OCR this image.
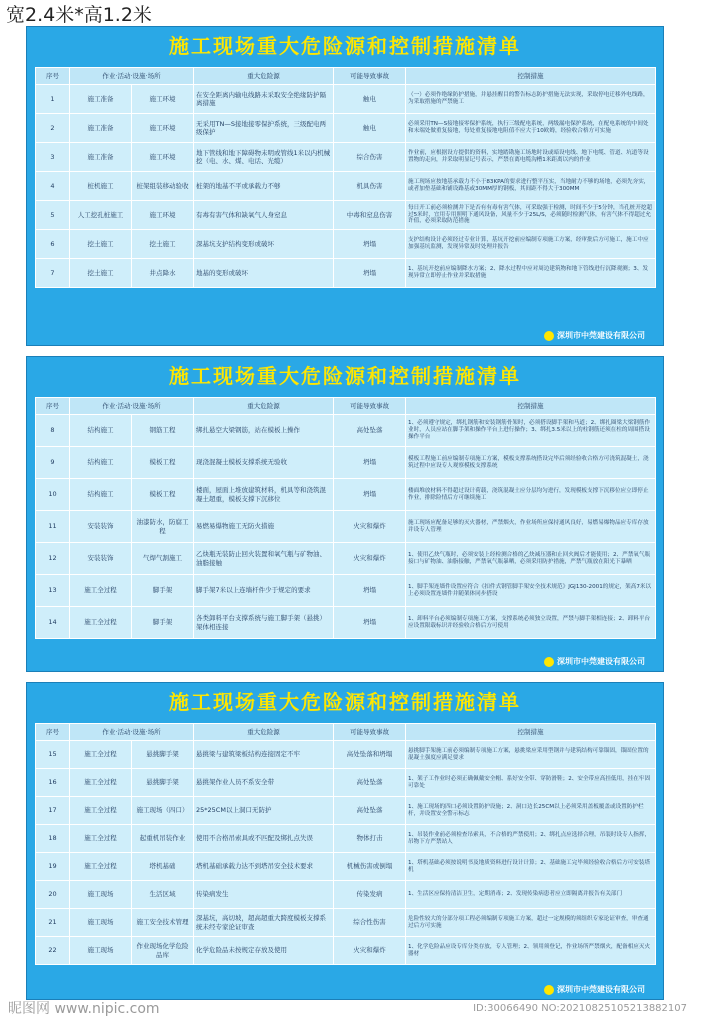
宽2.4米*高1.2米
施工现场重大危险源和控制措施清单
序号	作业·活动·设施·场所		重大危险源	可能导致事故	控制措施
1	施工准备	施工环境	在安全距离内输电线路未采取安全绝缘防护隔离措施	触电	（一）必须作绝缘防护措施，并悬挂醒目的警告标志防护措施无法实现，采取停电迁移外电线路，为采取措施的严禁施工
2	施工准备	施工环境	无采用TN—S接地接零保护系统，三级配电两级保护	触电	必须采用TN—S接地接零保护系统，执行三级配电系统，两级漏电保护系统，在配电系统的中间处和末端处做重复接地，每处重复接地电阻值不应大于10欧姆，经验收合格方可实施
3	施工准备	施工环境	地下管线和地下障碍物未明或管线1米以内机械挖（电、水、煤、电话、光缆）	综合伤害	作业前，应根据设方提供的资料，实地踏勘施工场地时设或暗设电线、地下电缆、管道、坑道等设置物的走向，并采取明显记号表示，严禁在离电缆沟槽1米距离以内的作业
4	桩机施工	桩架组装移动验收	桩架的地基不平或承载力不够	机具伤害	施工现场应按地基承载力不小于83KPA的要求进行整平压实，当地耐力不够的场地，必须先夯实，或者加垫基础和铺设路基或30MM厚的钢板，其间距不得大于300MM
5	人工挖孔桩施工	施工环境	有毒有害气体和缺氧气人身窒息	中毒和窒息伤害	每日开工前必须检测井下是否有有毒有害气体，可采取强于检测，时间不少于5分钟，当孔桩开挖超过5米时，宜用专用照明下通风设备，风量不少于25L/S，必须随时检测气体，有害气体不得超过允许值，必须采取防范措施
6	挖土施工	挖土施工	深基坑支护结构变形或破坏	坍塌	支护结构设计必须经过专业计算，基坑开挖前应编制专项施工方案，经审批后方可施工，施工中应加强基坑监测，发现异常及时处理并报告
7	挖土施工	井点降水	地基的变形或破坏	坍塌	1、基坑开挖前应编制降水方案；2、降水过程中应对周边建筑物和地下管线进行沉降观测；3、发现异常立即停止作业并采取措施
深圳市中莞建设有限公司
施工现场重大危险源和控制措施清单
序号	作业·活动·设施·场所		重大危险源	可能导致事故	控制措施
8	结构施工	钢筋工程	绑扎悬空大梁钢筋，站在模板上操作	高处坠落	1、必须遵守规定，绑扎钢筋和安装钢筋骨架时，必须搭设脚手架和马道；2、绑扎圈梁大梁钢筋作业时，人员应站在脚手架和操作平台上进行操作；3、绑扎3.5米以上的柱钢筋还须在柱的周围搭设操作平台
9	结构施工	模板工程	现浇混凝土模板支撑系统无验收	坍塌	模板工程施工前应编制专项施工方案，模板支撑系统搭设完毕后须经验收合格方可浇筑混凝土，浇筑过程中应设专人观察模板支撑系统
10	结构施工	模板工程	楼面，屋面上堆放建筑材料，机具等和浇筑混凝土超重，模板支撑下沉移位	坍塌	楼面堆放材料不得超过设计荷载，浇筑混凝土应分层均匀进行，发现模板支撑下沉移位应立即停止作业，排除险情后方可继续施工
11	安装装饰	油漆防水，防腐工程	易燃易爆物施工无防火措施	火灾和爆炸	施工现场应配备足够的灭火器材，严禁烟火，作业场所应保持通风良好，易燃易爆物品应专库存放并设专人管理
12	安装装饰	气焊气割施工	乙炔瓶无装防止回火装置和氧气瓶与矿物油、油脂接触	火灾和爆炸	1、使用乙炔气瓶时，必须安装上经检测合格的乙炔减压器和止回火阀后才能使用；2、严禁氧气瓶接口与矿物油、油脂接触，严禁氧气瓶暴晒，必须采用防护措施，严禁气瓶放在阳光下暴晒
13	施工全过程	脚手架	脚手架7米以上连墙杆件少于规定的要求	坍塌	1、脚手架连墙件设置应符合《扣件式钢管脚手架安全技术规范》JGJ130-2001的规定，架高7米以上必须设置连墙件并随架体同步搭设
14	施工全过程	脚手架	各类卸料平台支撑系统与施工脚手架（悬挑）架体相连接	坍塌	1、卸料平台必须编制专项施工方案，支撑系统必须独立设置，严禁与脚手架相连接；2、卸料平台应设置限载标识并经验收合格后方可使用
深圳市中莞建设有限公司
施工现场重大危险源和控制措施清单
序号	作业·活动·设施·场所		重大危险源	可能导致事故	控制措施
15	施工全过程	悬挑脚手架	悬挑梁与建筑梁板结构连接固定不牢	高处坠落和坍塌	悬挑脚手架施工前必须编制专项施工方案，悬挑梁应采用型钢并与建筑结构可靠锚固，锚固位置的混凝土强度应满足要求
16	施工全过程	悬挑脚手架	悬挑架作业人员不系安全带	高处坠落	1、架子工作业时必须正确佩戴安全帽、系好安全带、穿防滑鞋；2、安全带应高挂低用，挂在牢固可靠处
17	施工全过程	施工现场（四口）	25*25CM以上洞口无防护	高处坠落	1、施工现场的四口必须设置防护设施；2、洞口边长25CM以上必须采用盖板覆盖或设置防护栏杆，并设置安全警示标志
18	施工全过程	起重机吊装作业	使用不合格吊索具或不匹配及绑扎点失误	物体打击	1、吊装作业前必须检查吊索具，不合格的严禁使用；2、绑扎点应选择合理，吊装时设专人指挥，吊物下方严禁站人
19	施工全过程	塔机基础	塔机基础承载力达不到塔吊安全技术要求	机械伤害或倒塌	1、塔机基础必须按说明书及地质资料进行设计计算；2、基础施工完毕须经验收合格后方可安装塔机
20	施工现场	生活区域	传染病发生	传染发病	1、生活区应保持清洁卫生，定期消毒；2、发现传染病患者应立即隔离并报告有关部门
21	施工现场	施工安全技术管理	深基坑，高切坡，超高超重大跨度模板支撑系统未经专家论证审查	综合性伤害	危险性较大的分部分项工程必须编制专项施工方案，超过一定规模的须组织专家论证审查，审查通过后方可实施
22	施工现场	作业现场化学危险品库	化学危险品未按规定存放及使用	火灾和爆炸	1、化学危险品应设专库分类存放，专人管理；2、领用须登记，作业场所严禁烟火，配备相应灭火器材
深圳市中莞建设有限公司
昵图网 www.nipic.com	ID:30066490 NO:20210825105213882107
